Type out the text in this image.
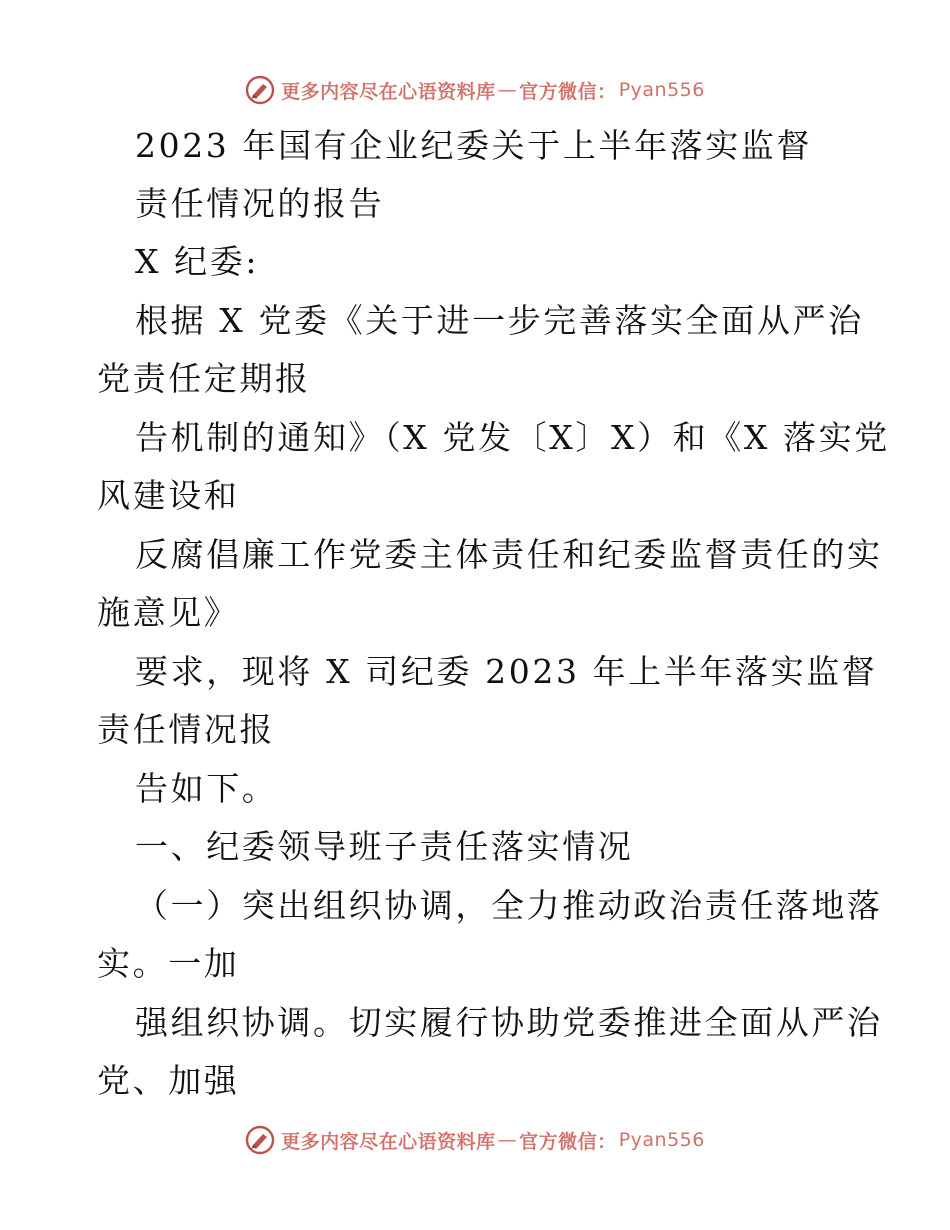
更多内容尽在心语资料库 — 官方微信： Pyan556
2023 年国有企业纪委关于上半年落实监督
责任情况的报告
X 纪委:
根据 X 党委《关于进一步完善落实全面从严治
党责任定期报
告机制的通知》（X 党发〔X〕X）和《X 落实党
风建设和
反腐倡廉工作党委主体责任和纪委监督责任的实
施意见》
要求，现将 X 司纪委 2023 年上半年落实监督
责任情况报
告如下。
一、纪委领导班子责任落实情况
（一）突出组织协调，全力推动政治责任落地落
实。一加
强组织协调。切实履行协助党委推进全面从严治
党、加强
更多内容尽在心语资料库 — 官方微信： Pyan556
